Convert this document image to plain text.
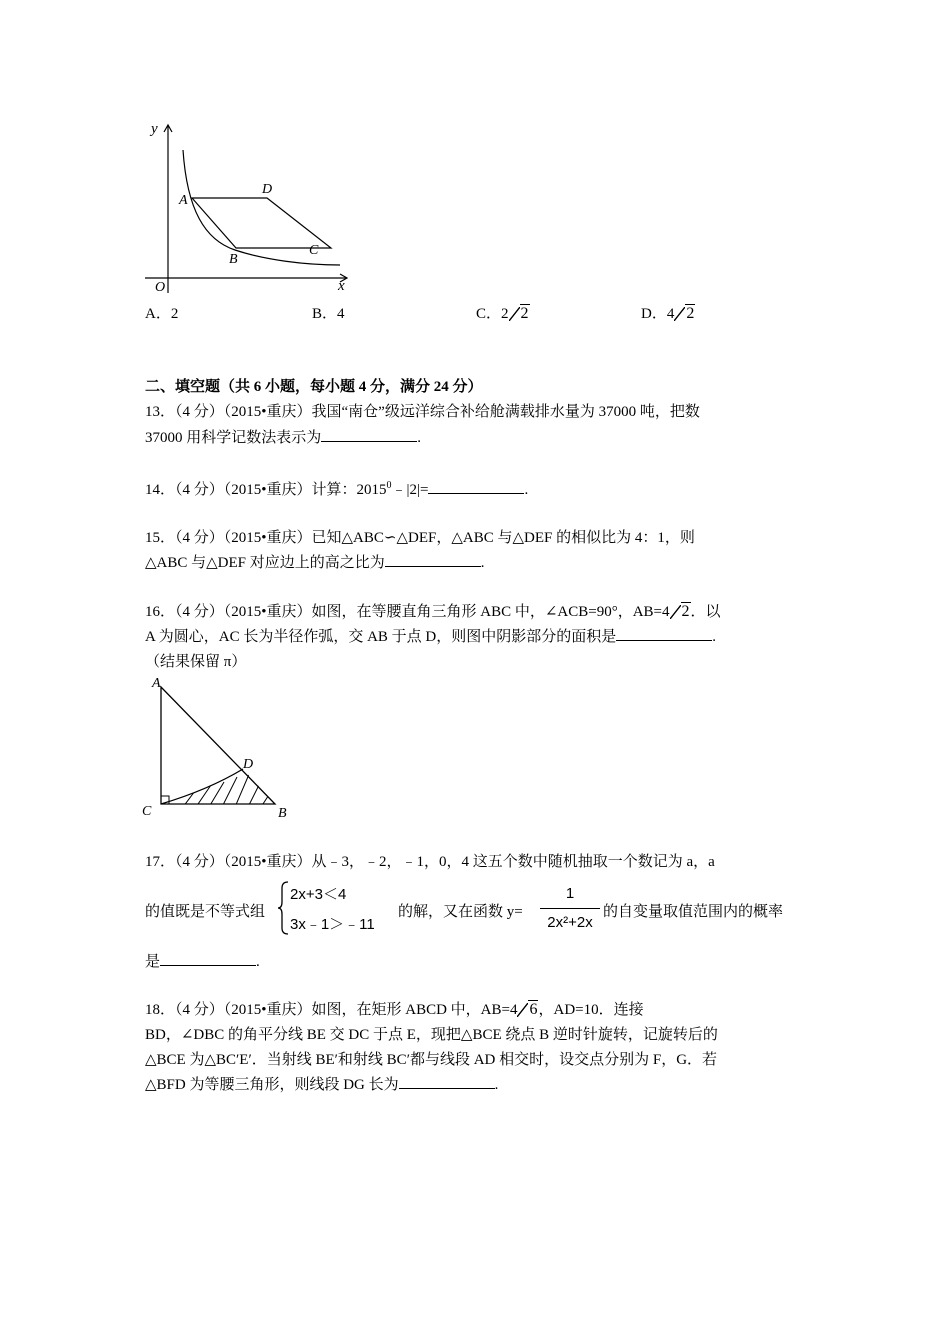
y
x
O
A
D
B
C
A．2	B．4	C．2 2	D．4 2
二、填空题（共 6 小题，每小题 4 分，满分 24 分）
13．（4 分）（2015•重庆）我国“南仓”级远洋综合补给舱满载排水量为 37000 吨，把数
37000 用科学记数法表示为	.
14．（4 分）（2015•重庆）计算：$2015^0﹣|2|=$	.
15．（4 分）（2015•重庆）已知△ABC∽△DEF，△ABC 与△DEF 的相似比为 4：1，则
△ABC 与△DEF 对应边上的高之比为	.
16．（4 分）（2015•重庆）如图，在等腰直角三角形 ABC 中，∠ACB=90°，AB=4 2．以
A 为圆心，AC 长为半径作弧，交 AB 于点 D，则图中阴影部分的面积是	.
（结果保留 π）
A
D
C	B
17．（4 分）（2015•重庆）从﹣3，﹣2，﹣1，0，4 这五个数中随机抽取一个数记为 a，a
的值既是不等式组
2x+3＜4
3x﹣1＞﹣11
的解，又在函数 y=
1
2x²+2x
的自变量取值范围内的概率
是	.
18．（4 分）（2015•重庆）如图，在矩形 ABCD 中，AB=4 6，AD=10．连接
BD，∠DBC 的角平分线 BE 交 DC 于点 E，现把△BCE 绕点 B 逆时针旋转，记旋转后的
△BCE 为△BC′E′．当射线 BE′和射线 BC′都与线段 AD 相交时，设交点分别为 F，G．若
△BFD 为等腰三角形，则线段 DG 长为	.
